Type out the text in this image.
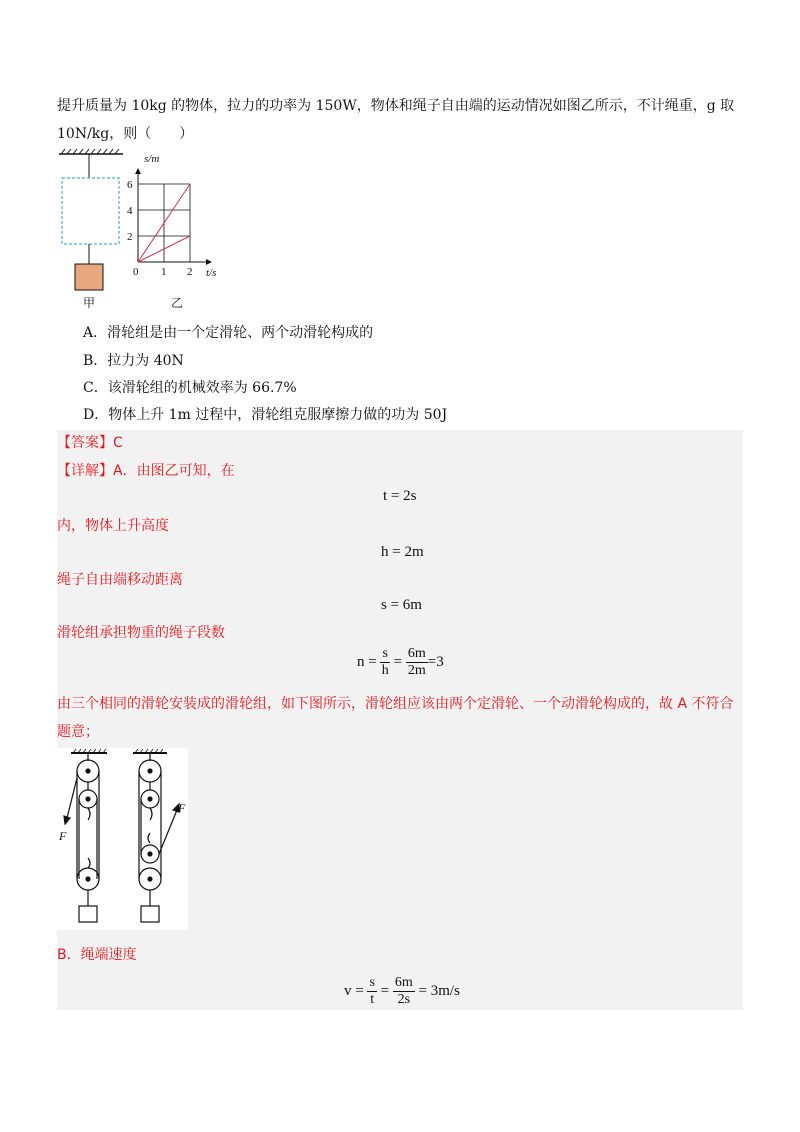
提升质量为 10kg 的物体，拉力的功率为 150W，物体和绳子自由端的运动情况如图乙所示，不计绳重，g 取
10N/kg，则（　　）
甲
0 1 2
2
4
6
s/m
t/s
乙
A．滑轮组是由一个定滑轮、两个动滑轮构成的
B．拉力为 40N
C．该滑轮组的机械效率为 66.7%
D．物体上升 1m 过程中，滑轮组克服摩擦力做的功为 50J
【答案】C
【详解】A．由图乙可知，在
t = 2s
内，物体上升高度
h = 2m
绳子自由端移动距离
s = 6m
滑轮组承担物重的绳子段数
$n = \frac{s}{h} = \frac{6m}{2m} =3$
由三个相同的滑轮安装成的滑轮组，如下图所示，滑轮组应该由两个定滑轮、一个动滑轮构成的，故 A 不符合
题意；
F
F
B．绳端速度
$v = \frac{s}{t} = \frac{6m}{2s} = 3m/s$
